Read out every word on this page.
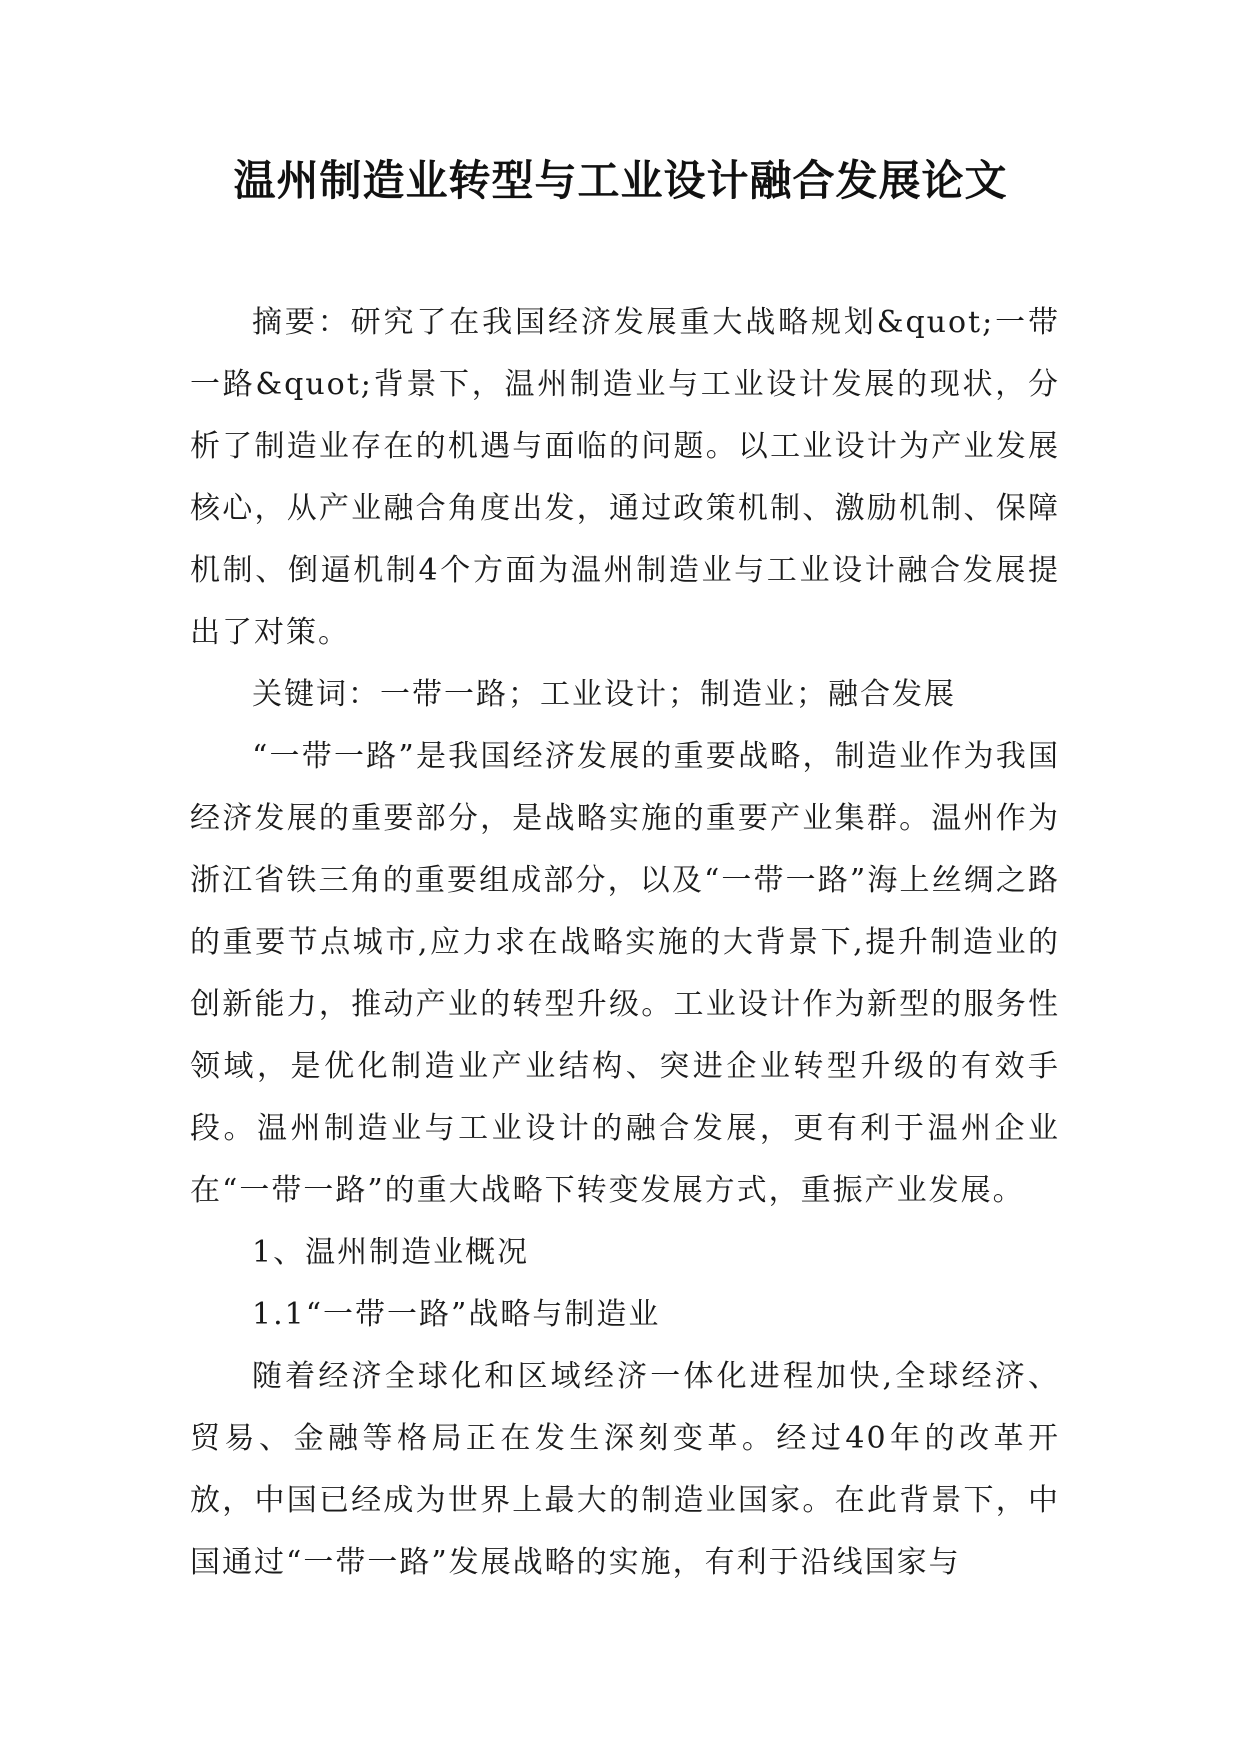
温州制造业转型与工业设计融合发展论文

摘要：研究了在我国经济发展重大战略规划&quot;一带一路&quot;背景下，温州制造业与工业设计发展的现状，分析了制造业存在的机遇与面临的问题。以工业设计为产业发展核心，从产业融合角度出发，通过政策机制、激励机制、保障机制、倒逼机制4个方面为温州制造业与工业设计融合发展提出了对策。

关键词：一带一路；工业设计；制造业；融合发展

“一带一路”是我国经济发展的重要战略，制造业作为我国经济发展的重要部分，是战略实施的重要产业集群。温州作为浙江省铁三角的重要组成部分，以及“一带一路”海上丝绸之路的重要节点城市,应力求在战略实施的大背景下,提升制造业的创新能力，推动产业的转型升级。工业设计作为新型的服务性领域，是优化制造业产业结构、突进企业转型升级的有效手段。温州制造业与工业设计的融合发展，更有利于温州企业在“一带一路”的重大战略下转变发展方式，重振产业发展。

1、温州制造业概况

1.1“一带一路”战略与制造业

随着经济全球化和区域经济一体化进程加快,全球经济、贸易、金融等格局正在发生深刻变革。经过40年的改革开放，中国已经成为世界上最大的制造业国家。在此背景下，中国通过“一带一路”发展战略的实施，有利于沿线国家与
